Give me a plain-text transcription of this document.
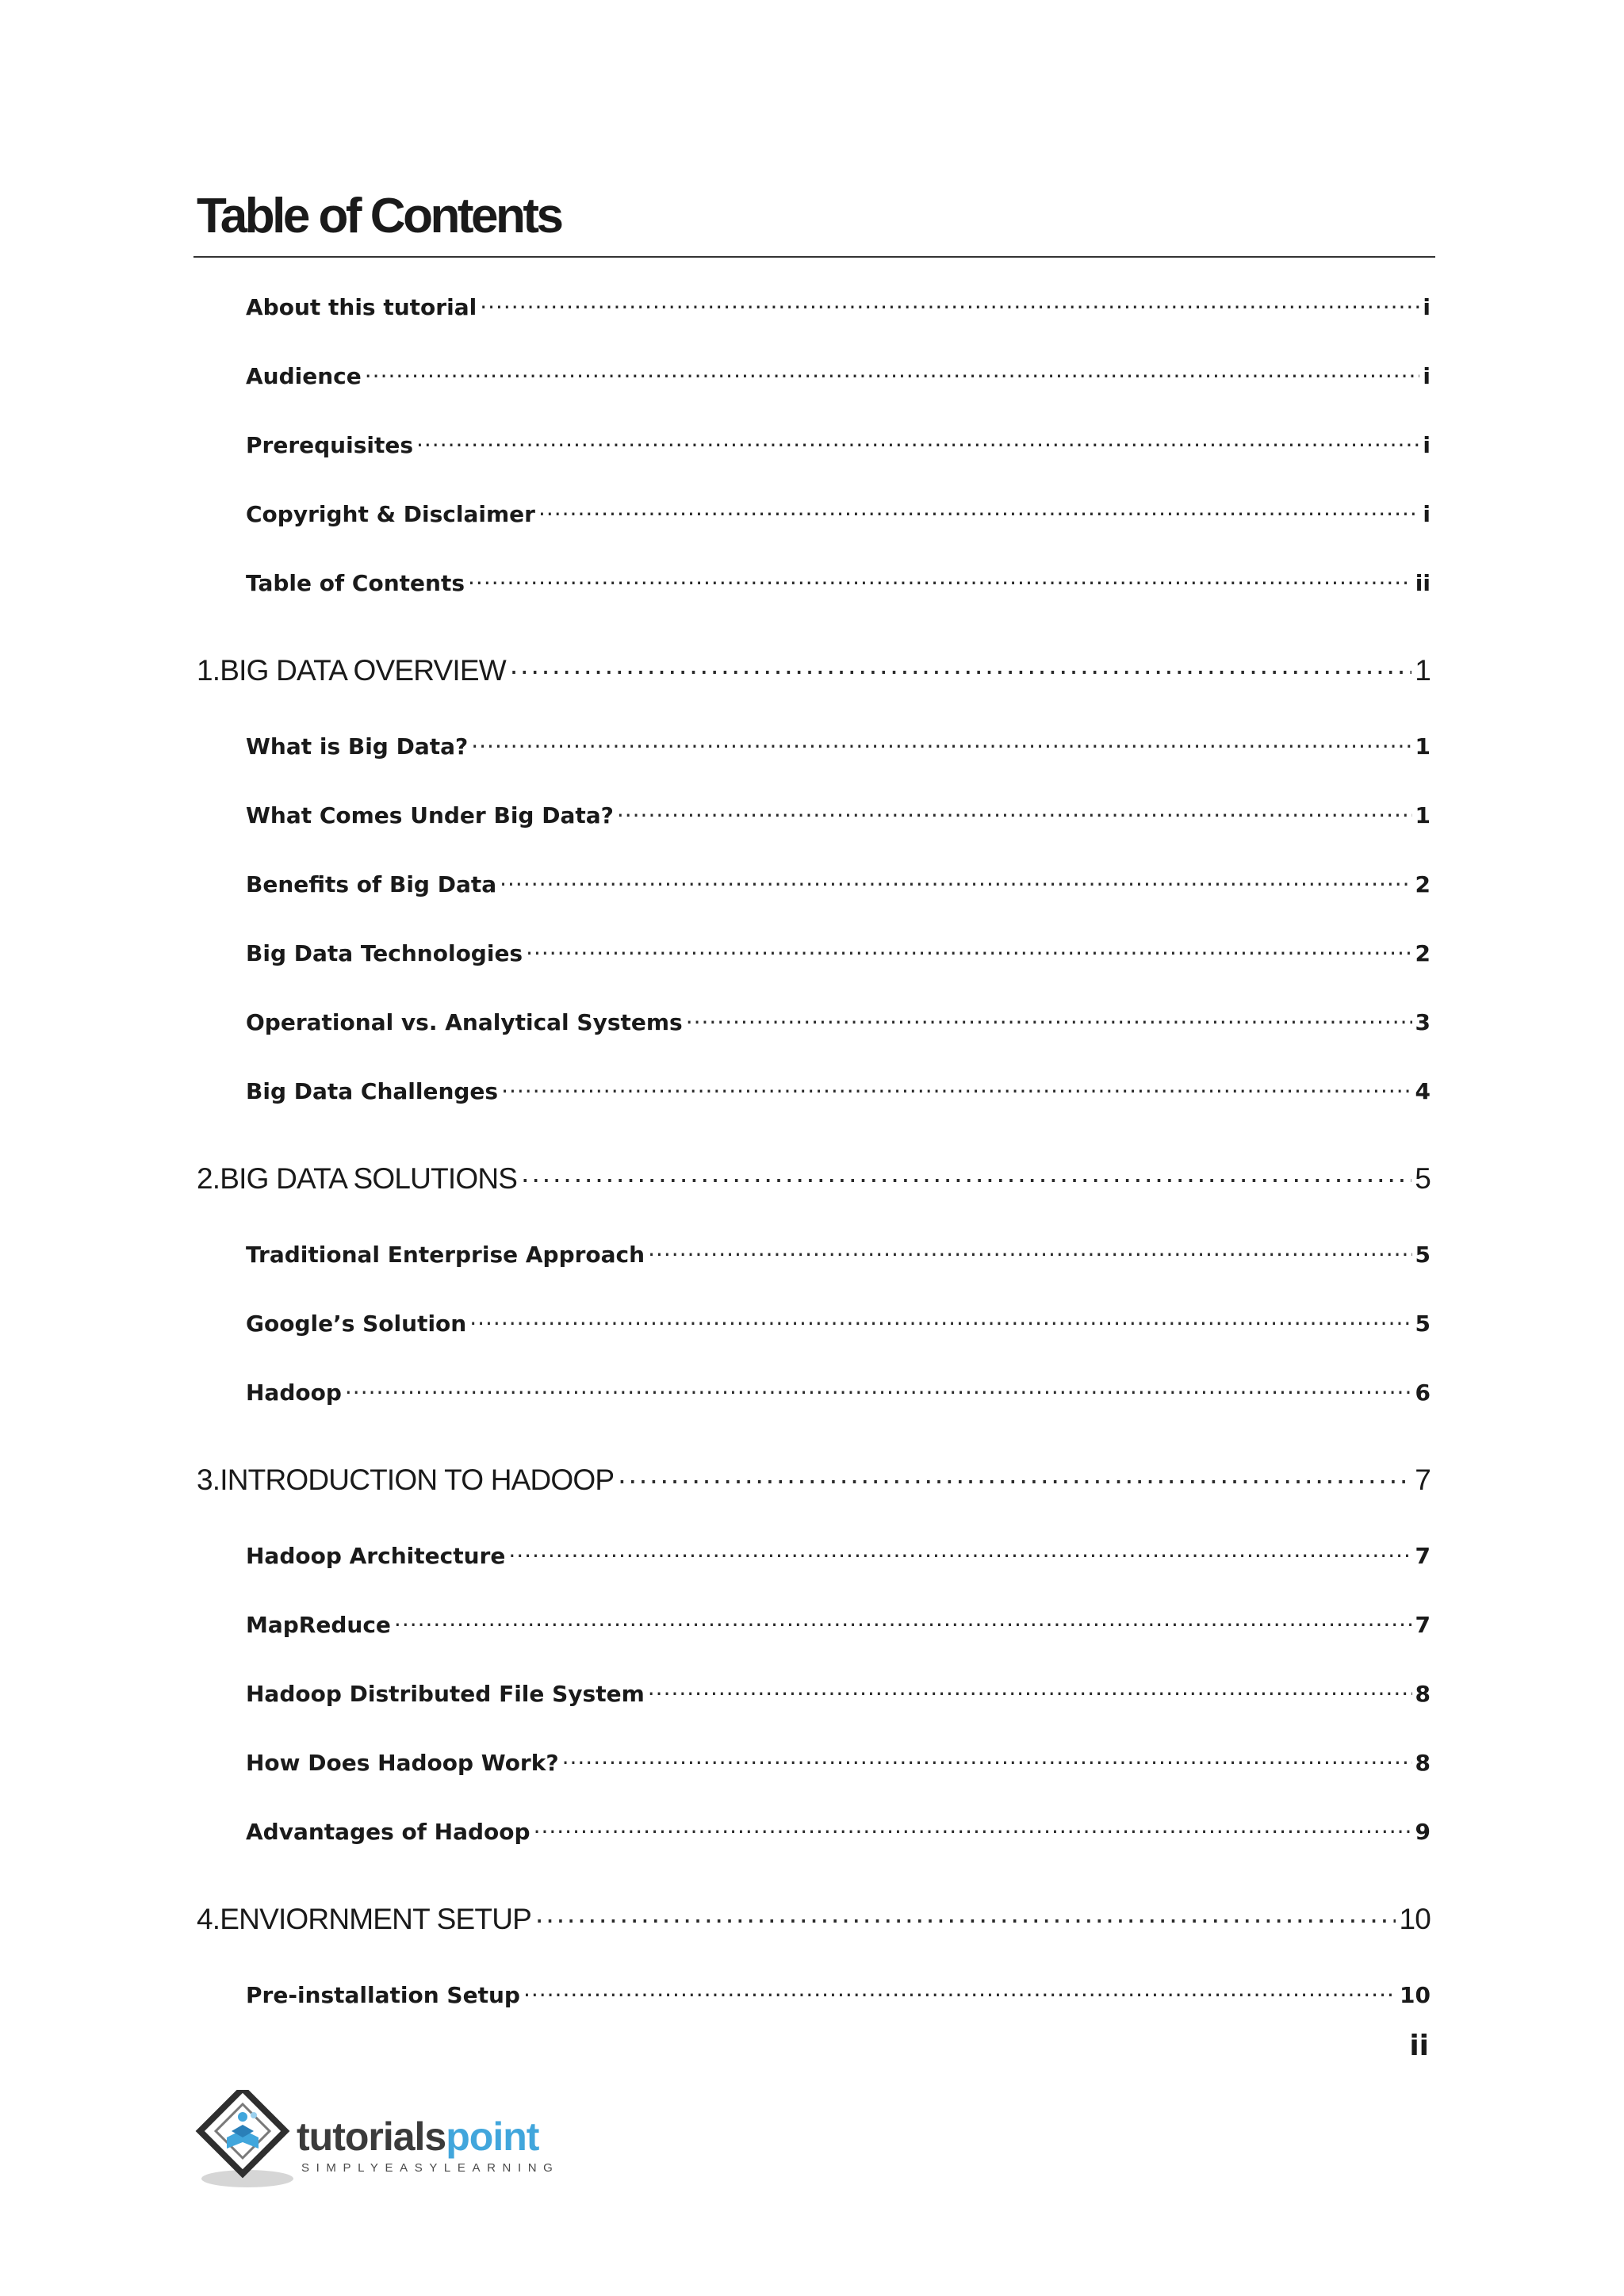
Table of Contents
About this tutorial ·····	i
Audience ·····	i
Prerequisites ·····	i
Copyright & Disclaimer ·····	i
Table of Contents ·····	ii
1. BIG DATA OVERVIEW ·····	1
What is Big Data? ·····	1
What Comes Under Big Data? ·····	1
Benefits of Big Data ·····	2
Big Data Technologies ·····	2
Operational vs. Analytical Systems ·····	3
Big Data Challenges ·····	4
2. BIG DATA SOLUTIONS ·····	5
Traditional Enterprise Approach ·····	5
Google’s Solution ·····	5
Hadoop ·····	6
3. INTRODUCTION TO HADOOP ·····	7
Hadoop Architecture ·····	7
MapReduce ·····	7
Hadoop Distributed File System ·····	8
How Does Hadoop Work? ·····	8
Advantages of Hadoop ·····	9
4. ENVIORNMENT SETUP ·····	10
Pre-installation Setup ·····	10
ii
tutorialspoint
SIMPLYEASYLEARNING
